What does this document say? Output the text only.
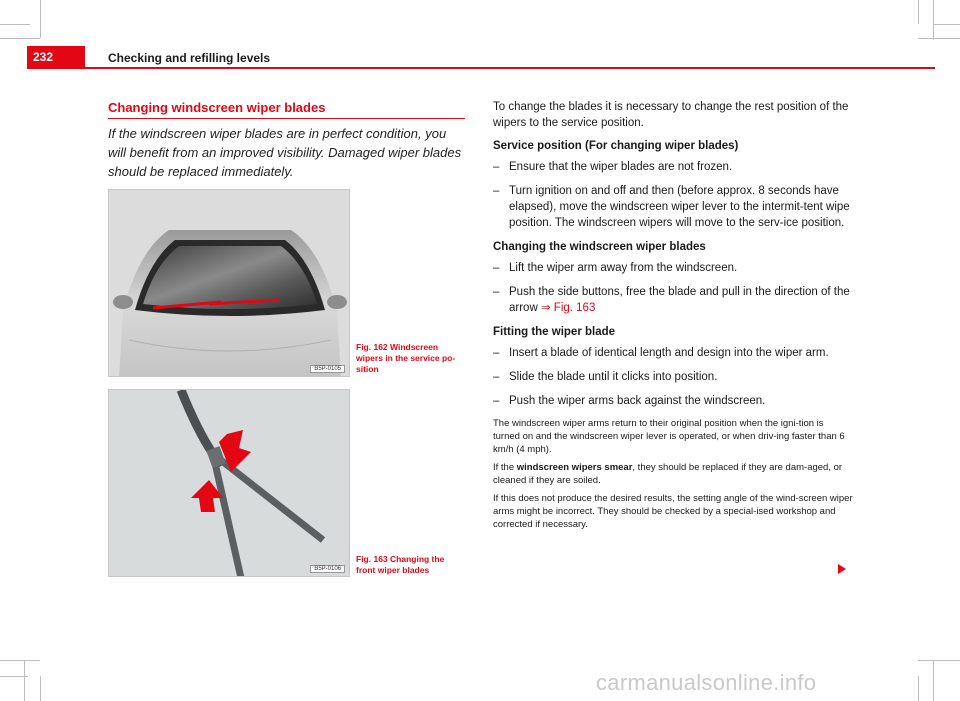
232	Checking and refilling levels
Changing windscreen wiper blades
If the windscreen wiper blades are in perfect condition, you will benefit from an improved visibility. Damaged wiper blades should be replaced immediately.
B5P-0105
Fig. 162 Windscreen wipers in the service po-sition
B5P-0106
Fig. 163 Changing the front wiper blades

To change the blades it is necessary to change the rest position of the wipers to the service position.

Service position (For changing wiper blades)

– Ensure that the wiper blades are not frozen.
– Turn ignition on and off and then (before approx. 8 seconds have elapsed), move the windscreen wiper lever to the intermit-tent wipe position. The windscreen wipers will move to the serv-ice position.

Changing the windscreen wiper blades

– Lift the wiper arm away from the windscreen.
– Push the side buttons, free the blade and pull in the direction of the arrow ⇒ Fig. 163

Fitting the wiper blade

– Insert a blade of identical length and design into the wiper arm.
– Slide the blade until it clicks into position.
– Push the wiper arms back against the windscreen.

The windscreen wiper arms return to their original position when the igni-tion is turned on and the windscreen wiper lever is operated, or when driv-ing faster than 6 km/h (4 mph).

If the windscreen wipers smear, they should be replaced if they are dam-aged, or cleaned if they are soiled.

If this does not produce the desired results, the setting angle of the wind-screen wiper arms might be incorrect. They should be checked by a special-ised workshop and corrected if necessary.

carmanualsonline.info
